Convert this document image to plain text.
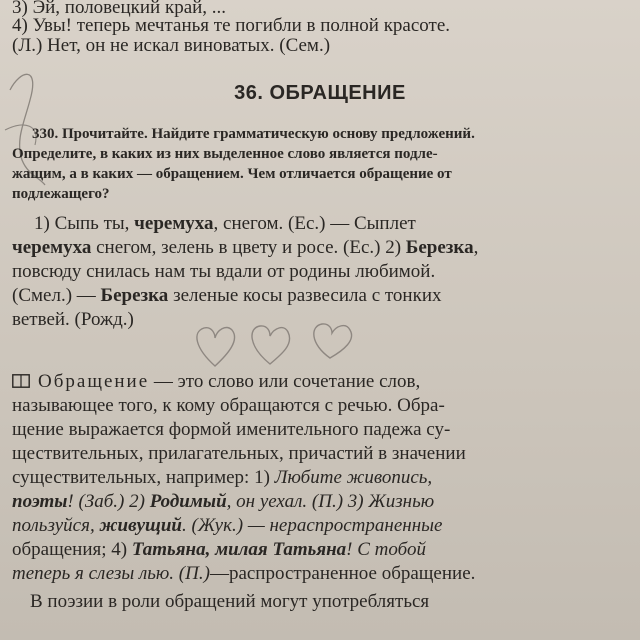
3) Эй, половецкий край, ...
4) Увы! теперь мечтанья те погибли в полной красоте.
(Л.) Нет, он не искал виноватых. (Сем.)
36. ОБРАЩЕНИЕ
330. Прочитайте. Найдите грамматическую основу предложений.
Определите, в каких из них выделенное слово является подле-
жащим, а в каких — обращением. Чем отличается обращение от
подлежащего?
1) Сыпь ты, черемуха, снегом. (Ес.) — Сыплет
черемуха снегом, зелень в цвету и росе. (Ес.) 2) Березка,
повсюду снилась нам ты вдали от родины любимой.
(Смел.) — Березка зеленые косы развесила с тонких
ветвей. (Рожд.)
Обращение — это слово или сочетание слов,
называющее того, к кому обращаются с речью. Обра-
щение выражается формой именительного падежа су-
ществительных, прилагательных, причастий в значении
существительных, например: 1) Любите живопись,
поэты! (Заб.) 2) Родимый, он уехал. (П.) 3) Жизнью
пользуйся, живущий. (Жук.) — нераспространенные
обращения; 4) Татьяна, милая Татьяна! С тобой
теперь я слезы лью. (П.)—распространенное обращение.
В поэзии в роли обращений могут употребляться
